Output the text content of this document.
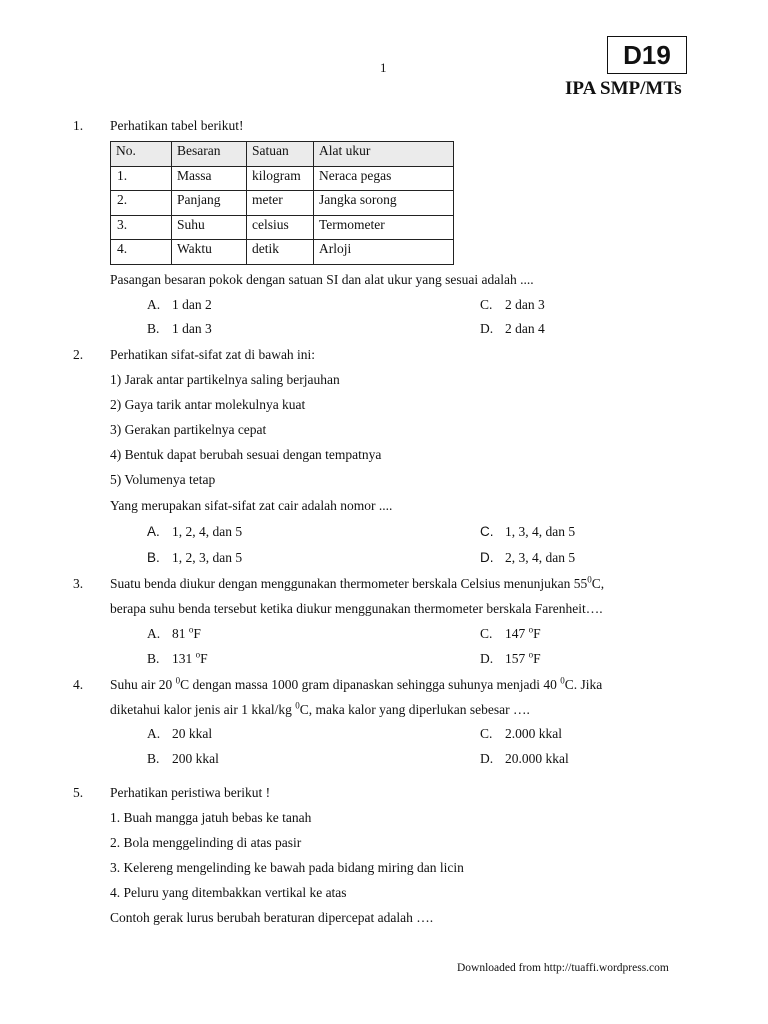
1	D19
IPA SMP/MTs
1. Perhatikan tabel berikut!
No.	Besaran	Satuan	Alat ukur
1.	Massa	kilogram	Neraca pegas
2.	Panjang	meter	Jangka sorong
3.	Suhu	celsius	Termometer
4.	Waktu	detik	Arloji
Pasangan besaran pokok dengan satuan SI dan alat ukur yang sesuai adalah ....
A. 1 dan 2	C. 2 dan 3
B. 1 dan 3	D. 2 dan 4
2. Perhatikan sifat-sifat zat di bawah ini:
1) Jarak antar partikelnya saling berjauhan
2) Gaya tarik antar molekulnya kuat
3) Gerakan partikelnya cepat
4) Bentuk dapat berubah sesuai dengan tempatnya
5) Volumenya tetap
Yang merupakan sifat-sifat zat cair adalah nomor ....
A. 1, 2, 4, dan 5	C. 1, 3, 4, dan 5
B. 1, 2, 3, dan 5	D. 2, 3, 4, dan 5
3. Suatu benda diukur dengan menggunakan thermometer berskala Celsius menunjukan $55^0C$,
berapa suhu benda tersebut ketika diukur menggunakan thermometer berskala Farenheit….
A. 81 $^o$F	C. 147 $^o$F
B. 131 $^o$F	D. 157 $^o$F
4. Suhu air 20 $^0$C dengan massa 1000 gram dipanaskan sehingga suhunya menjadi 40 $^0$C. Jika
diketahui kalor jenis air 1 kkal/kg $^0$C, maka kalor yang diperlukan sebesar ….
A. 20 kkal	C. 2.000 kkal
B. 200 kkal	D. 20.000 kkal
5. Perhatikan peristiwa berikut !
1. Buah mangga jatuh bebas ke tanah
2. Bola menggelinding di atas pasir
3. Kelereng mengelinding ke bawah pada bidang miring dan licin
4. Peluru yang ditembakkan vertikal ke atas
Contoh gerak lurus berubah beraturan dipercepat adalah ….
Downloaded from http://tuaffi.wordpress.com
